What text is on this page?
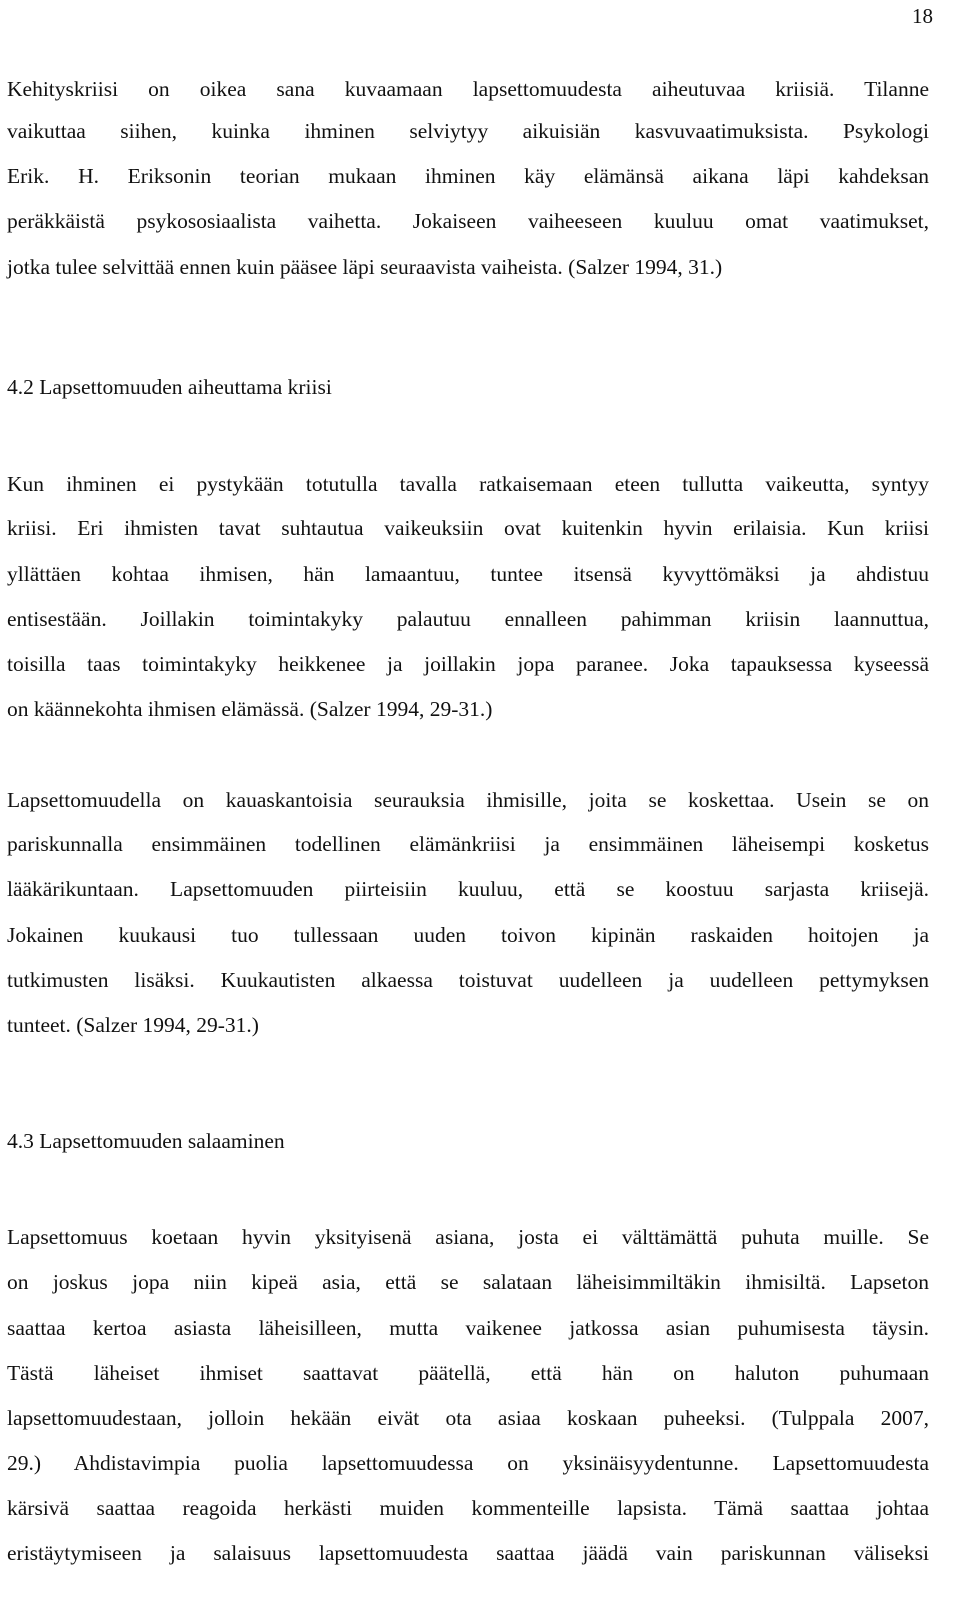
18
Kehityskriisi on oikea sana kuvaamaan lapsettomuudesta aiheutuvaa kriisiä. Tilanne
vaikuttaa siihen, kuinka ihminen selviytyy aikuisiän kasvuvaatimuksista. Psykologi
Erik. H. Eriksonin teorian mukaan ihminen käy elämänsä aikana läpi kahdeksan
peräkkäistä psykososiaalista vaihetta. Jokaiseen vaiheeseen kuuluu omat vaatimukset,
jotka tulee selvittää ennen kuin pääsee läpi seuraavista vaiheista. (Salzer 1994, 31.)
4.2 Lapsettomuuden aiheuttama kriisi
Kun ihminen ei pystykään totutulla tavalla ratkaisemaan eteen tullutta vaikeutta, syntyy
kriisi. Eri ihmisten tavat suhtautua vaikeuksiin ovat kuitenkin hyvin erilaisia. Kun kriisi
yllättäen kohtaa ihmisen, hän lamaantuu, tuntee itsensä kyvyttömäksi ja ahdistuu
entisestään. Joillakin toimintakyky palautuu ennalleen pahimman kriisin laannuttua,
toisilla taas toimintakyky heikkenee ja joillakin jopa paranee. Joka tapauksessa kyseessä
on käännekohta ihmisen elämässä. (Salzer 1994, 29-31.)
Lapsettomuudella on kauaskantoisia seurauksia ihmisille, joita se koskettaa. Usein se on
pariskunnalla ensimmäinen todellinen elämänkriisi ja ensimmäinen läheisempi kosketus
lääkärikuntaan. Lapsettomuuden piirteisiin kuuluu, että se koostuu sarjasta kriisejä.
Jokainen kuukausi tuo tullessaan uuden toivon kipinän raskaiden hoitojen ja
tutkimusten lisäksi. Kuukautisten alkaessa toistuvat uudelleen ja uudelleen pettymyksen
tunteet. (Salzer 1994, 29-31.)
4.3 Lapsettomuuden salaaminen
Lapsettomuus koetaan hyvin yksityisenä asiana, josta ei välttämättä puhuta muille. Se
on joskus jopa niin kipeä asia, että se salataan läheisimmiltäkin ihmisiltä. Lapseton
saattaa kertoa asiasta läheisilleen, mutta vaikenee jatkossa asian puhumisesta täysin.
Tästä läheiset ihmiset saattavat päätellä, että hän on haluton puhumaan
lapsettomuudestaan, jolloin hekään eivät ota asiaa koskaan puheeksi. (Tulppala 2007,
29.) Ahdistavimpia puolia lapsettomuudessa on yksinäisyydentunne. Lapsettomuudesta
kärsivä saattaa reagoida herkästi muiden kommenteille lapsista. Tämä saattaa johtaa
eristäytymiseen ja salaisuus lapsettomuudesta saattaa jäädä vain pariskunnan väliseksi
